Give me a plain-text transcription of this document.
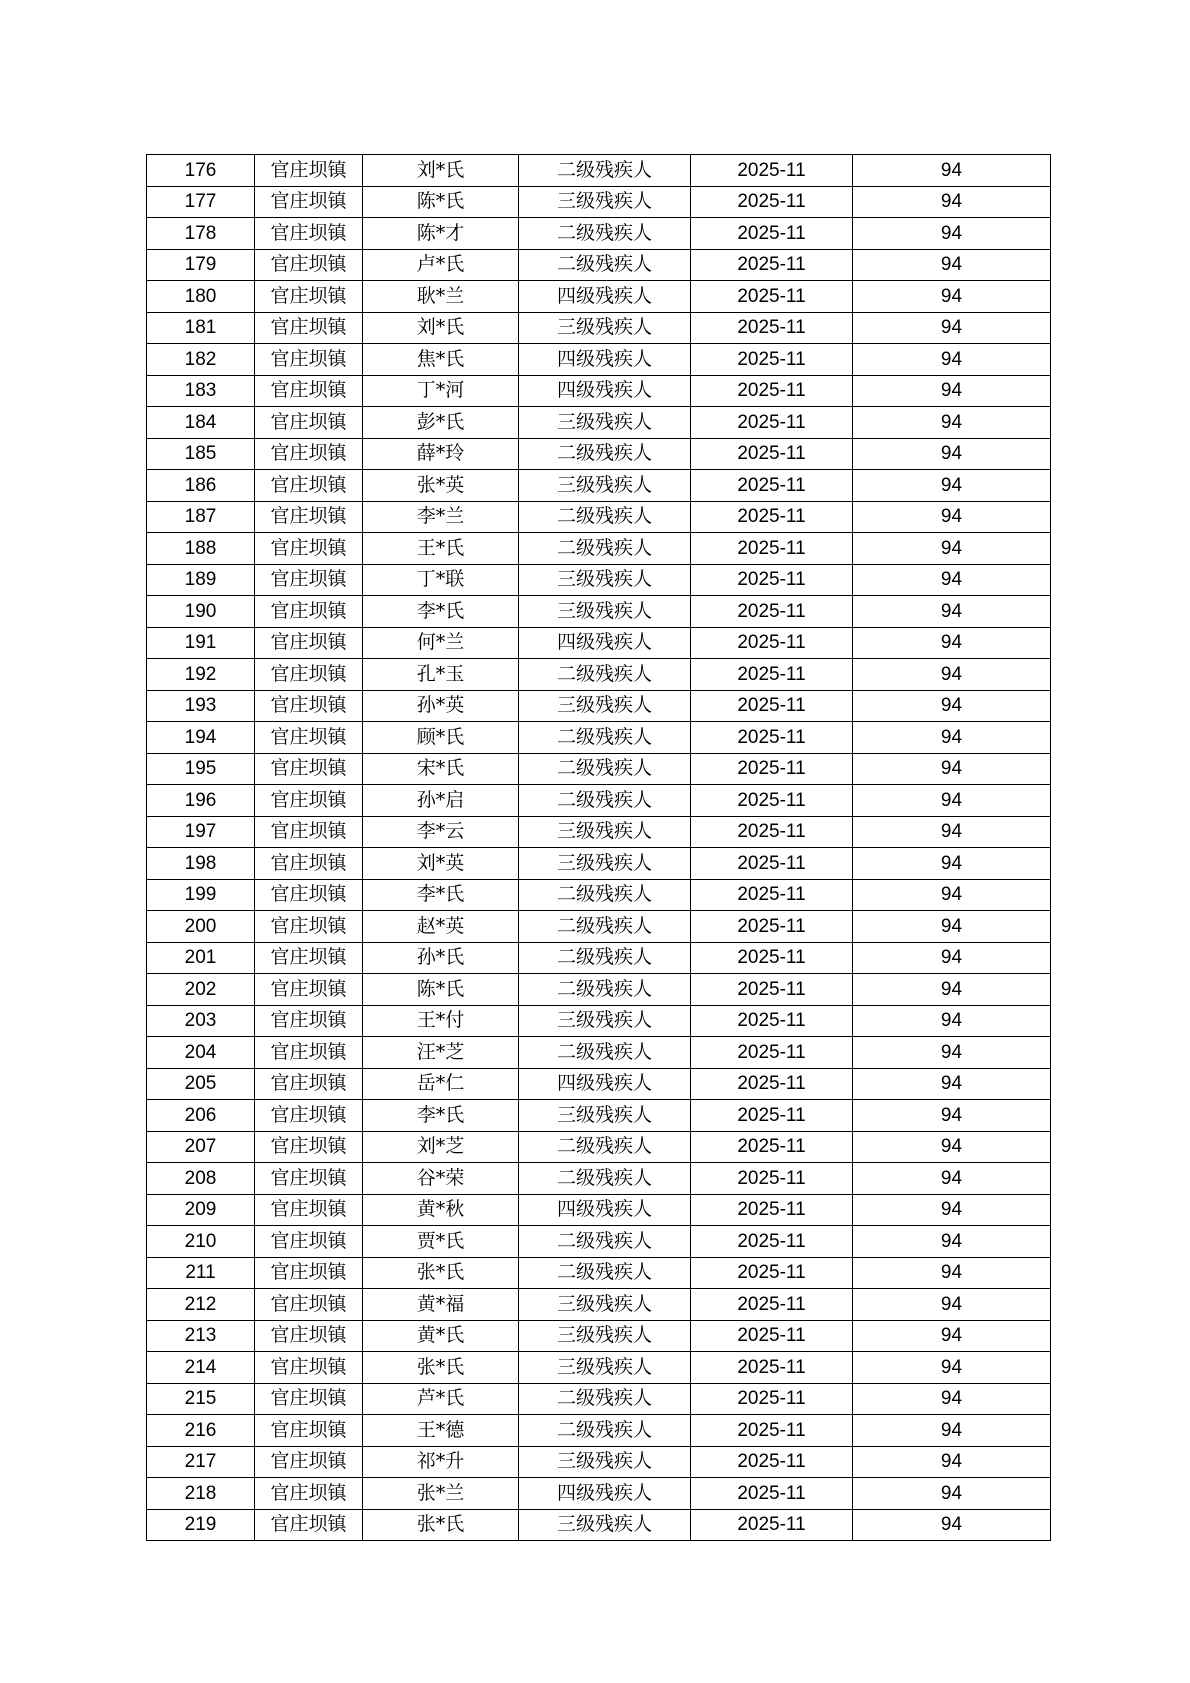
176	官庄坝镇	刘*氏	二级残疾人	2025-11	94
177	官庄坝镇	陈*氏	三级残疾人	2025-11	94
178	官庄坝镇	陈*才	二级残疾人	2025-11	94
179	官庄坝镇	卢*氏	二级残疾人	2025-11	94
180	官庄坝镇	耿*兰	四级残疾人	2025-11	94
181	官庄坝镇	刘*氏	三级残疾人	2025-11	94
182	官庄坝镇	焦*氏	四级残疾人	2025-11	94
183	官庄坝镇	丁*河	四级残疾人	2025-11	94
184	官庄坝镇	彭*氏	三级残疾人	2025-11	94
185	官庄坝镇	薛*玲	二级残疾人	2025-11	94
186	官庄坝镇	张*英	三级残疾人	2025-11	94
187	官庄坝镇	李*兰	二级残疾人	2025-11	94
188	官庄坝镇	王*氏	二级残疾人	2025-11	94
189	官庄坝镇	丁*联	三级残疾人	2025-11	94
190	官庄坝镇	李*氏	三级残疾人	2025-11	94
191	官庄坝镇	何*兰	四级残疾人	2025-11	94
192	官庄坝镇	孔*玉	二级残疾人	2025-11	94
193	官庄坝镇	孙*英	三级残疾人	2025-11	94
194	官庄坝镇	顾*氏	二级残疾人	2025-11	94
195	官庄坝镇	宋*氏	二级残疾人	2025-11	94
196	官庄坝镇	孙*启	二级残疾人	2025-11	94
197	官庄坝镇	李*云	三级残疾人	2025-11	94
198	官庄坝镇	刘*英	三级残疾人	2025-11	94
199	官庄坝镇	李*氏	二级残疾人	2025-11	94
200	官庄坝镇	赵*英	二级残疾人	2025-11	94
201	官庄坝镇	孙*氏	二级残疾人	2025-11	94
202	官庄坝镇	陈*氏	二级残疾人	2025-11	94
203	官庄坝镇	王*付	三级残疾人	2025-11	94
204	官庄坝镇	汪*芝	二级残疾人	2025-11	94
205	官庄坝镇	岳*仁	四级残疾人	2025-11	94
206	官庄坝镇	李*氏	三级残疾人	2025-11	94
207	官庄坝镇	刘*芝	二级残疾人	2025-11	94
208	官庄坝镇	谷*荣	二级残疾人	2025-11	94
209	官庄坝镇	黄*秋	四级残疾人	2025-11	94
210	官庄坝镇	贾*氏	二级残疾人	2025-11	94
211	官庄坝镇	张*氏	二级残疾人	2025-11	94
212	官庄坝镇	黄*福	三级残疾人	2025-11	94
213	官庄坝镇	黄*氏	三级残疾人	2025-11	94
214	官庄坝镇	张*氏	三级残疾人	2025-11	94
215	官庄坝镇	芦*氏	二级残疾人	2025-11	94
216	官庄坝镇	王*德	二级残疾人	2025-11	94
217	官庄坝镇	祁*升	三级残疾人	2025-11	94
218	官庄坝镇	张*兰	四级残疾人	2025-11	94
219	官庄坝镇	张*氏	三级残疾人	2025-11	94
